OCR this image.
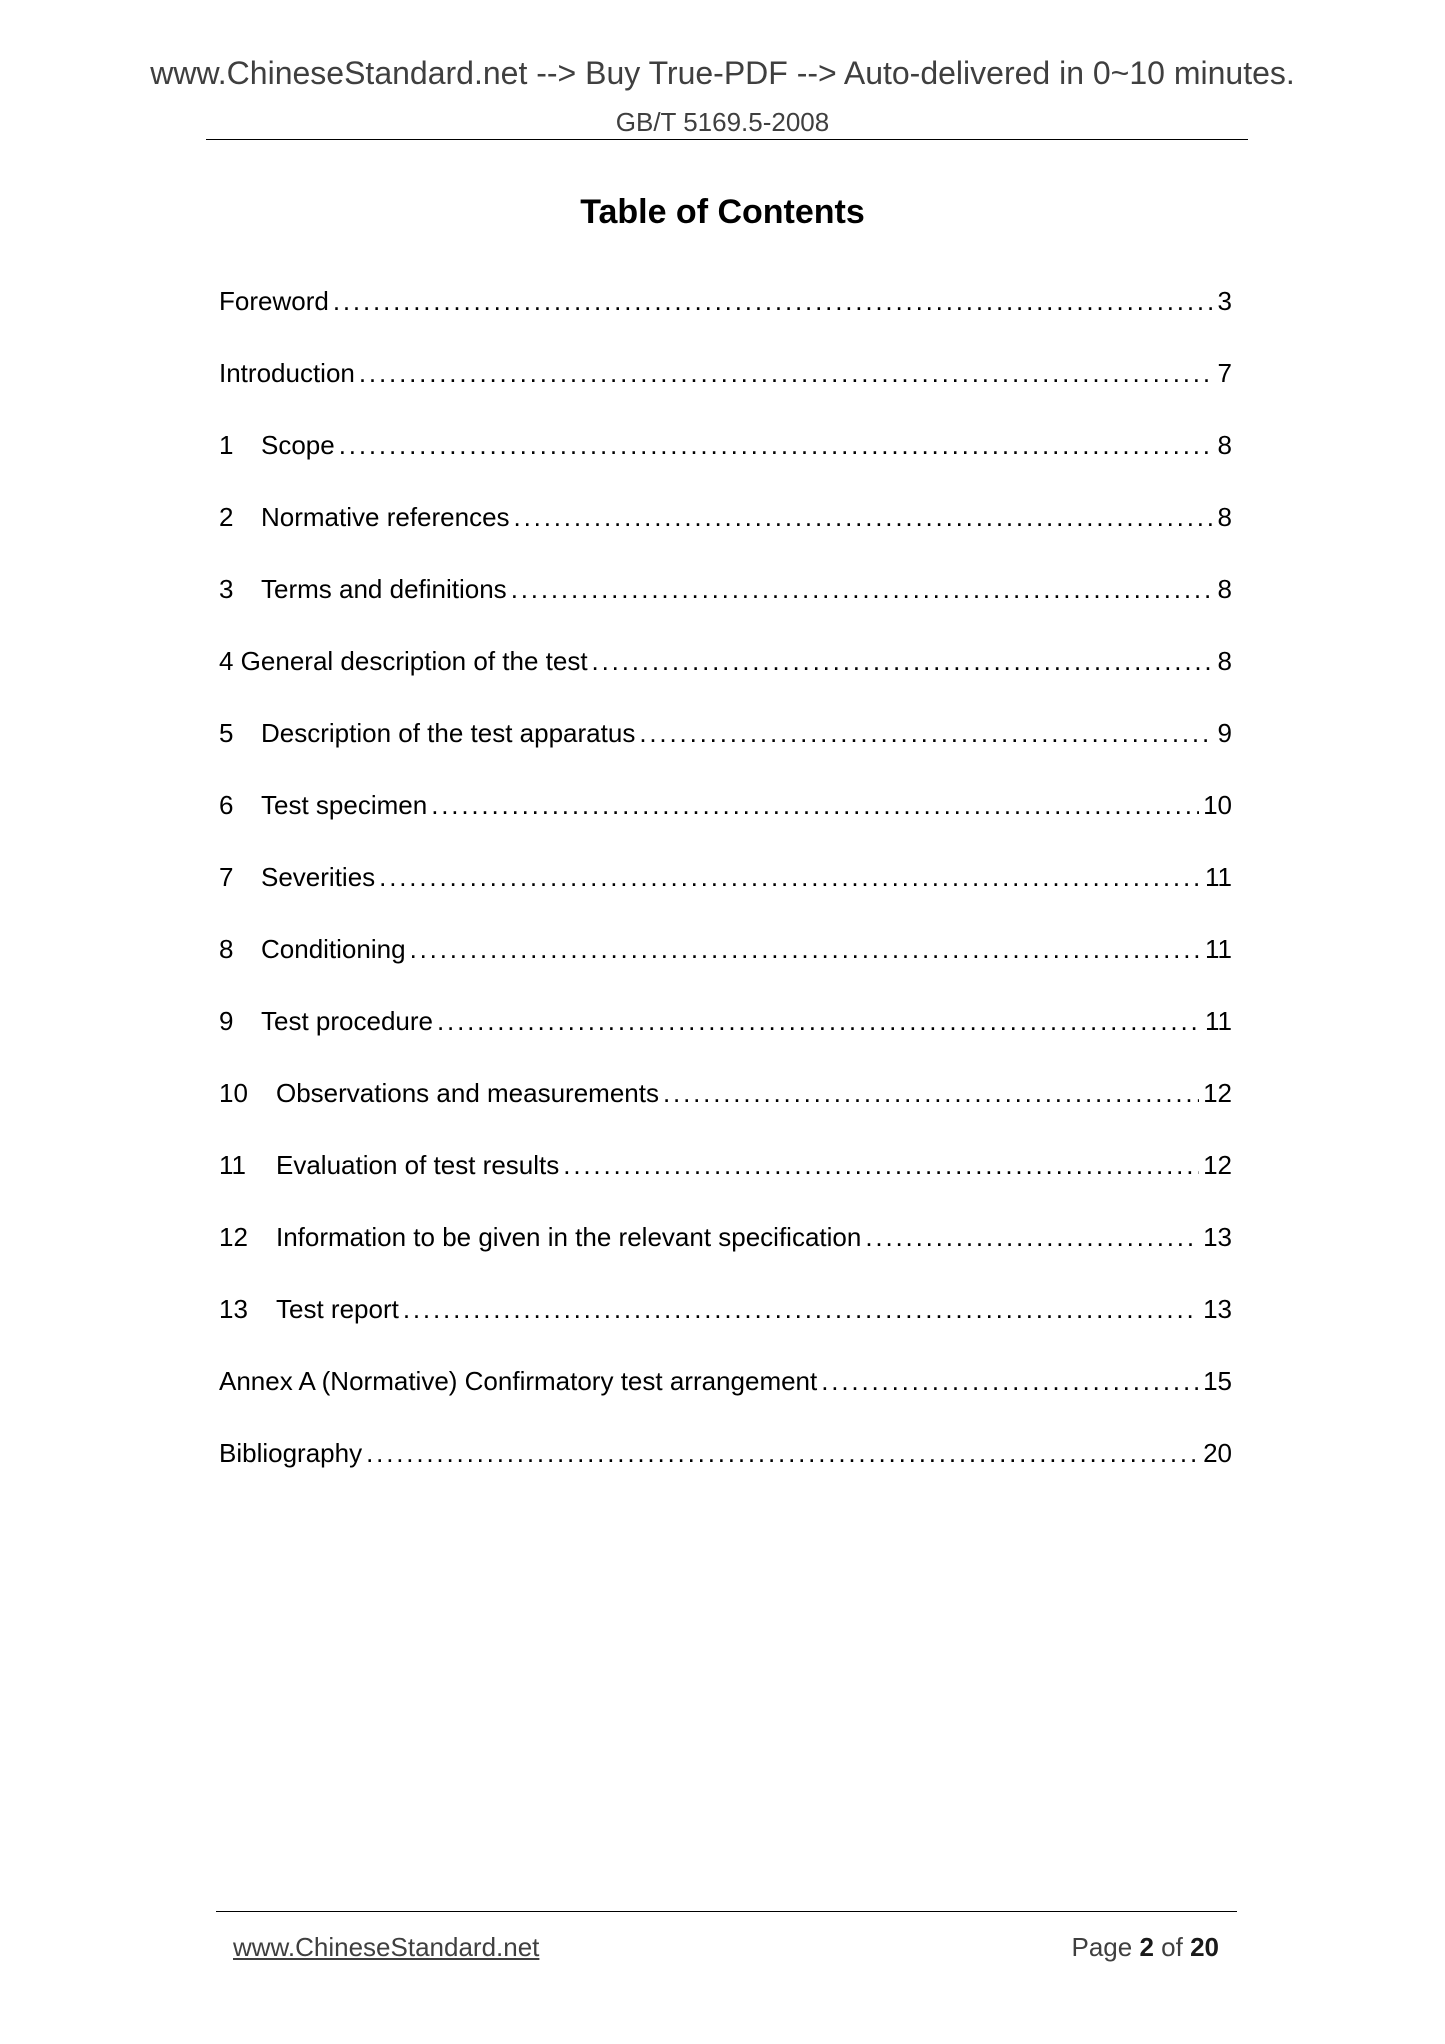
www.ChineseStandard.net --> Buy True-PDF --> Auto-delivered in 0~10 minutes.
GB/T 5169.5-2008
Table of Contents
Foreword . . .	3
Introduction . . .	7
1	Scope . . .	8
2	Normative references . . .	8
3	Terms and definitions . . .	8
4 General description of the test . . .	8
5	Description of the test apparatus . . .	9
6	Test specimen . . .	10
7	Severities . . .	11
8	Conditioning . . .	11
9	Test procedure . . .	11
10	Observations and measurements . . .	12
11	Evaluation of test results . . .	12
12	Information to be given in the relevant specification . . .	13
13	Test report . . .	13
Annex A (Normative) Confirmatory test arrangement . . .	15
Bibliography . . .	20
www.ChineseStandard.net	Page 2 of 20
